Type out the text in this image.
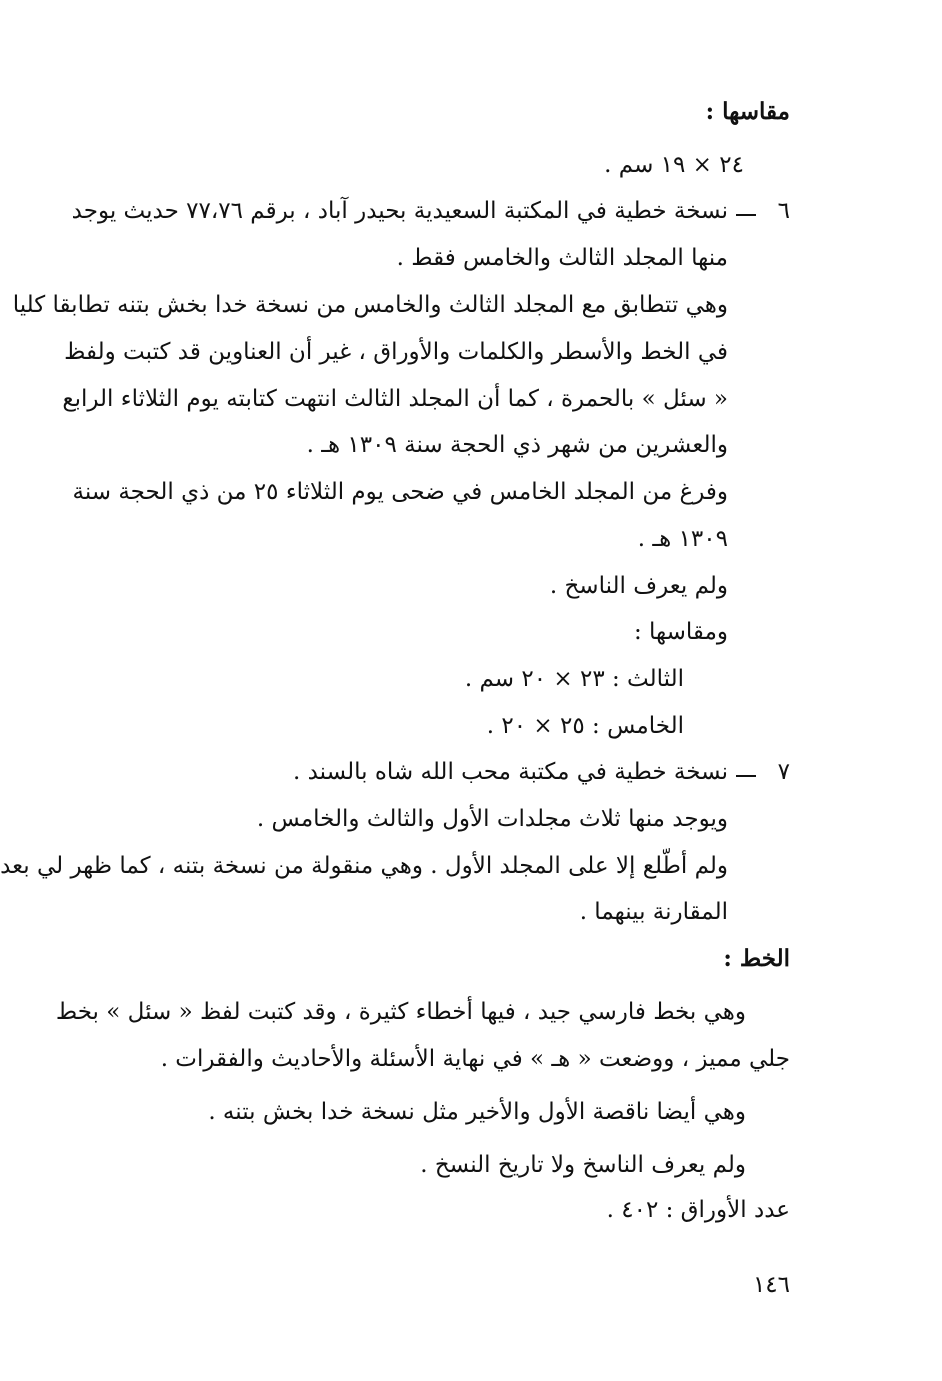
مقاسها :
٢٤ × ١٩ سم .
٦
نسخة خطية في المكتبة السعيدية بحيدر آباد ، برقم ٧٧،٧٦ حديث يوجد
منها المجلد الثالث والخامس فقط .
وهي تتطابق مع المجلد الثالث والخامس من نسخة خدا بخش بتنه تطابقا كليا
في الخط والأسطر والكلمات والأوراق ، غير أن العناوين قد كتبت ولفظ
« سئل » بالحمرة ، كما أن المجلد الثالث انتهت كتابته يوم الثلاثاء الرابع
والعشرين من شهر ذي الحجة سنة ١٣٠٩ هـ .
وفرغ من المجلد الخامس في ضحى يوم الثلاثاء ٢٥ من ذي الحجة سنة
١٣٠٩ هـ .
ولم يعرف الناسخ .
ومقاسها :
الثالث : ٢٣ × ٢٠ سم .
الخامس : ٢٥ × ٢٠ .
٧
نسخة خطية في مكتبة محب الله شاه بالسند .
ويوجد منها ثلاث مجلدات الأول والثالث والخامس .
ولم أطّلع إلا على المجلد الأول . وهي منقولة من نسخة بتنه ، كما ظهر لي بعد
المقارنة بينهما .
الخط :
وهي بخط فارسي جيد ، فيها أخطاء كثيرة ، وقد كتبت لفظ « سئل » بخط
جلي مميز ، ووضعت « هـ » في نهاية الأسئلة والأحاديث والفقرات .
وهي أيضا ناقصة الأول والأخير مثل نسخة خدا بخش بتنه .
ولم يعرف الناسخ ولا تاريخ النسخ .
عدد الأوراق : ٤٠٢ .
١٤٦
